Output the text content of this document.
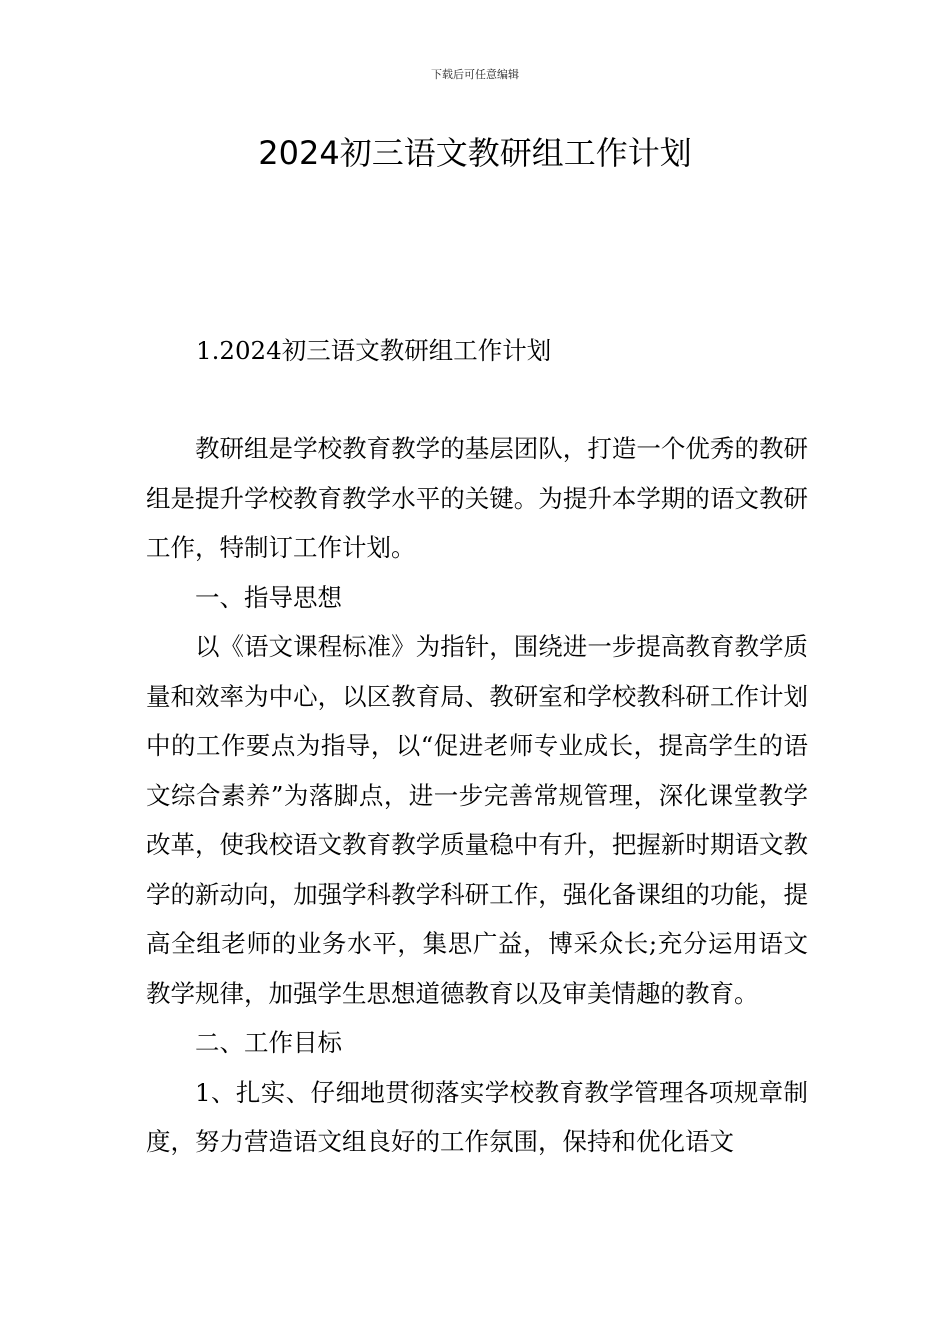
下载后可任意编辑
2024初三语文教研组工作计划
1.2024初三语文教研组工作计划

教研组是学校教育教学的基层团队，打造一个优秀的教研组是提升学校教育教学水平的关键。为提升本学期的语文教研工作，特制订工作计划。

一、指导思想

以《语文课程标准》为指针，围绕进一步提高教育教学质量和效率为中心，以区教育局、教研室和学校教科研工作计划中的工作要点为指导，以“促进老师专业成长，提高学生的语文综合素养”为落脚点，进一步完善常规管理，深化课堂教学改革，使我校语文教育教学质量稳中有升，把握新时期语文教学的新动向，加强学科教学科研工作，强化备课组的功能，提高全组老师的业务水平，集思广益，博采众长;充分运用语文教学规律，加强学生思想道德教育以及审美情趣的教育。

二、工作目标

1、扎实、仔细地贯彻落实学校教育教学管理各项规章制度，努力营造语文组良好的工作氛围，保持和优化语文
